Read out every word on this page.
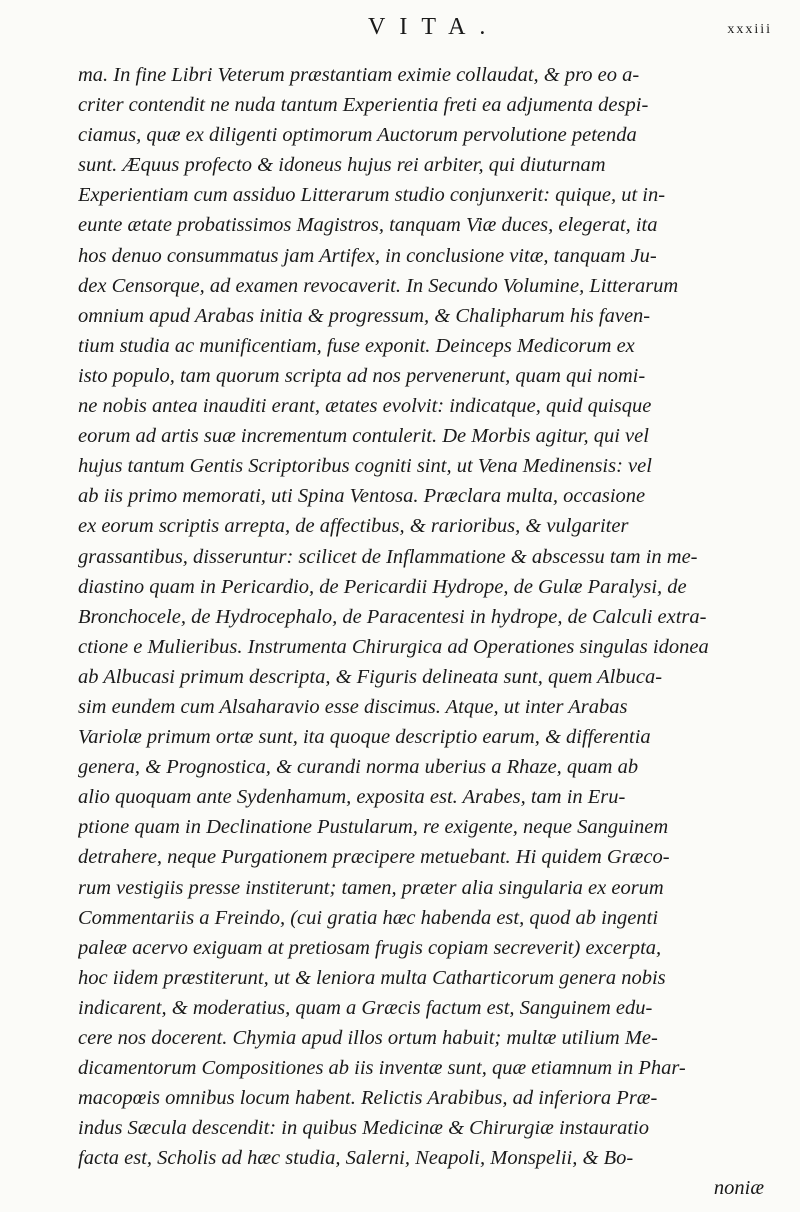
VITA.	xxxiii
ma. In fine Libri Veterum præstantiam eximie collaudat, & pro eo a-
criter contendit ne nuda tantum Experientia freti ea adjumenta despi-
ciamus, quæ ex diligenti optimorum Auctorum pervolutione petenda
sunt. Æquus profecto & idoneus hujus rei arbiter, qui diuturnam
Experientiam cum assiduo Litterarum studio conjunxerit: quique, ut in-
eunte ætate probatissimos Magistros, tanquam Viæ duces, elegerat, ita
hos denuo consummatus jam Artifex, in conclusione vitæ, tanquam Ju-
dex Censorque, ad examen revocaverit. In Secundo Volumine, Litterarum
omnium apud Arabas initia & progressum, & Chalipharum his faven-
tium studia ac munificentiam, fuse exponit. Deinceps Medicorum ex
isto populo, tam quorum scripta ad nos pervenerunt, quam qui nomi-
ne nobis antea inauditi erant, ætates evolvit: indicatque, quid quisque
eorum ad artis suæ incrementum contulerit. De Morbis agitur, qui vel
hujus tantum Gentis Scriptoribus cogniti sint, ut Vena Medinensis: vel
ab iis primo memorati, uti Spina Ventosa. Præclara multa, occasione
ex eorum scriptis arrepta, de affectibus, & rarioribus, & vulgariter
grassantibus, disseruntur: scilicet de Inflammatione & abscessu tam in me-
diastino quam in Pericardio, de Pericardii Hydrope, de Gulæ Paralysi, de
Bronchocele, de Hydrocephalo, de Paracentesi in hydrope, de Calculi extra-
ctione e Mulieribus. Instrumenta Chirurgica ad Operationes singulas idonea
ab Albucasi primum descripta, & Figuris delineata sunt, quem Albuca-
sim eundem cum Alsaharavio esse discimus. Atque, ut inter Arabas
Variolæ primum ortæ sunt, ita quoque descriptio earum, & differentia
genera, & Prognostica, & curandi norma uberius a Rhaze, quam ab
alio quoquam ante Sydenhamum, exposita est. Arabes, tam in Eru-
ptione quam in Declinatione Pustularum, re exigente, neque Sanguinem
detrahere, neque Purgationem præcipere metuebant. Hi quidem Græco-
rum vestigiis presse institerunt; tamen, præter alia singularia ex eorum
Commentariis a Freindo, (cui gratia hæc habenda est, quod ab ingenti
paleæ acervo exiguam at pretiosam frugis copiam secreverit) excerpta,
hoc iidem præstiterunt, ut & leniora multa Catharticorum genera nobis
indicarent, & moderatius, quam a Græcis factum est, Sanguinem edu-
cere nos docerent. Chymia apud illos ortum habuit; multæ utilium Me-
dicamentorum Compositiones ab iis inventæ sunt, quæ etiamnum in Phar-
macopœis omnibus locum habent. Relictis Arabibus, ad inferiora Præ-
indus Sæcula descendit: in quibus Medicinæ & Chirurgiæ instauratio
facta est, Scholis ad hæc studia, Salerni, Neapoli, Monspelii, & Bo-
noniæ
